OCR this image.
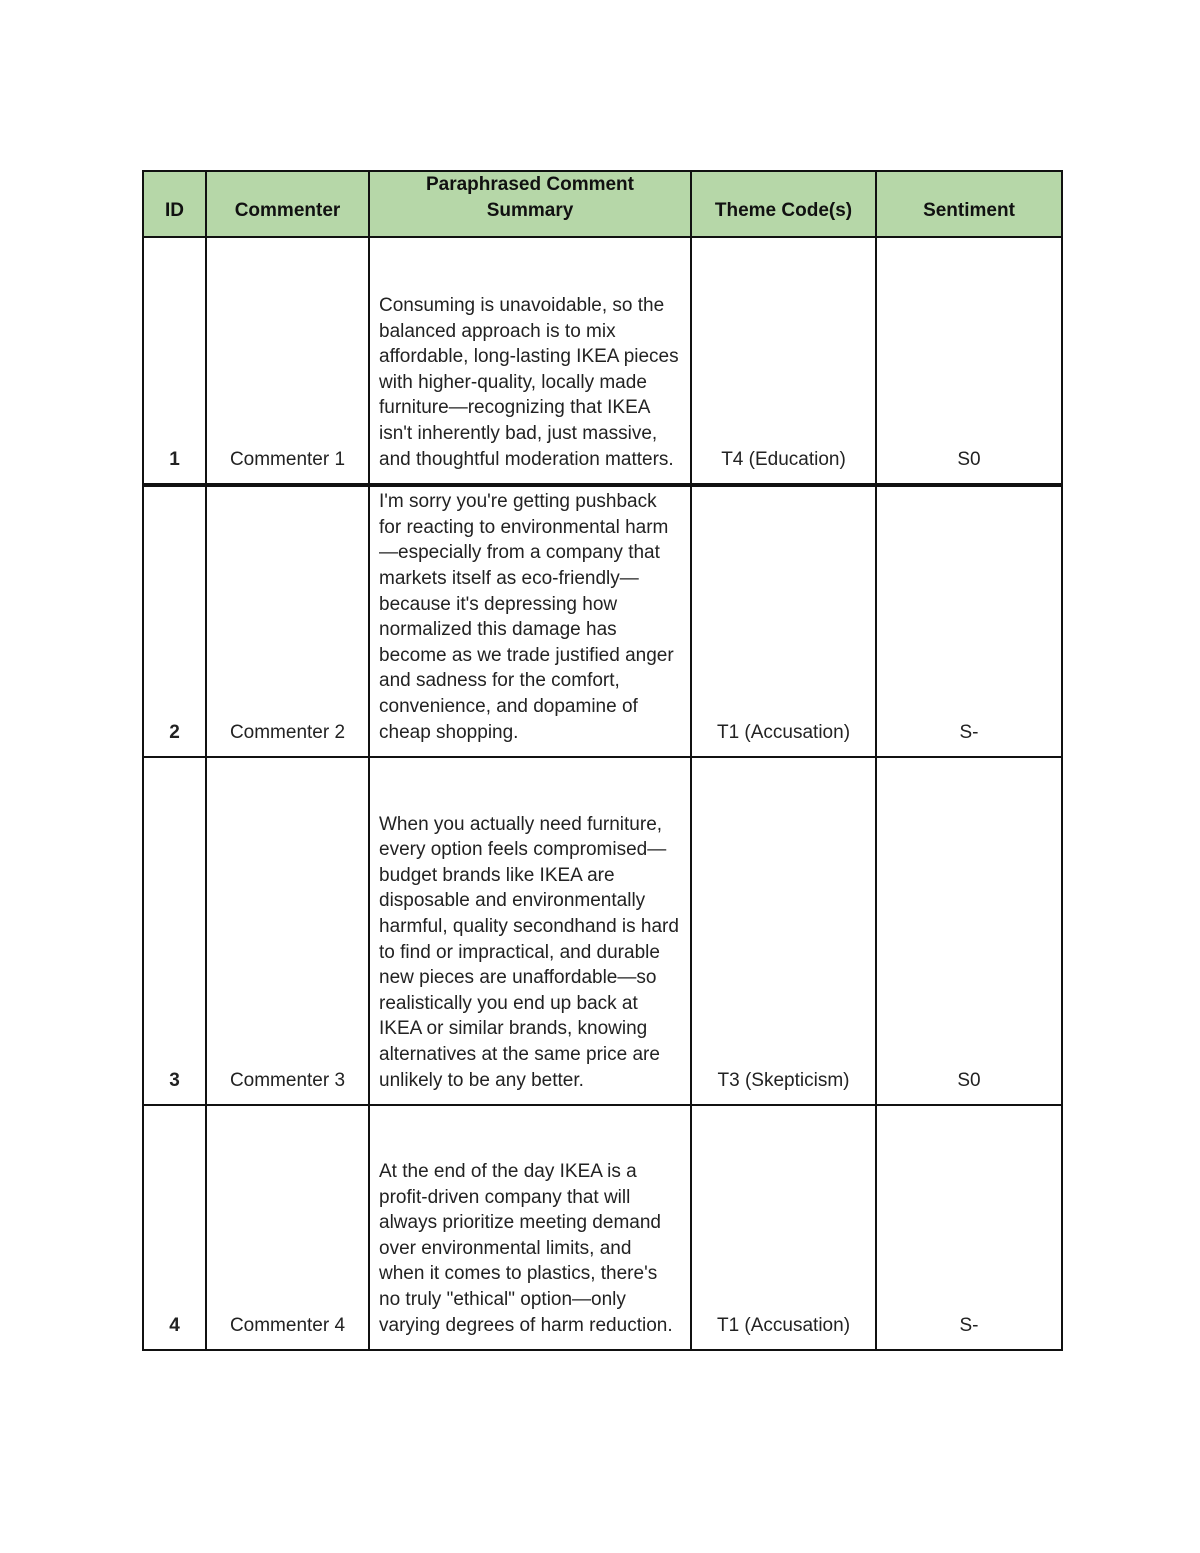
ID	Commenter	Paraphrased Comment Summary	Theme Code(s)	Sentiment
1	Commenter 1	Consuming is unavoidable, so the balanced approach is to mix affordable, long-lasting IKEA pieces with higher-quality, locally made furniture—recognizing that IKEA isn't inherently bad, just massive, and thoughtful moderation matters.	T4 (Education)	S0
2	Commenter 2	I'm sorry you're getting pushback for reacting to environmental harm—especially from a company that markets itself as eco-friendly—because it's depressing how normalized this damage has become as we trade justified anger and sadness for the comfort, convenience, and dopamine of cheap shopping.	T1 (Accusation)	S-
3	Commenter 3	When you actually need furniture, every option feels compromised—budget brands like IKEA are disposable and environmentally harmful, quality secondhand is hard to find or impractical, and durable new pieces are unaffordable—so realistically you end up back at IKEA or similar brands, knowing alternatives at the same price are unlikely to be any better.	T3 (Skepticism)	S0
4	Commenter 4	At the end of the day IKEA is a profit-driven company that will always prioritize meeting demand over environmental limits, and when it comes to plastics, there's no truly "ethical" option—only varying degrees of harm reduction.	T1 (Accusation)	S-
